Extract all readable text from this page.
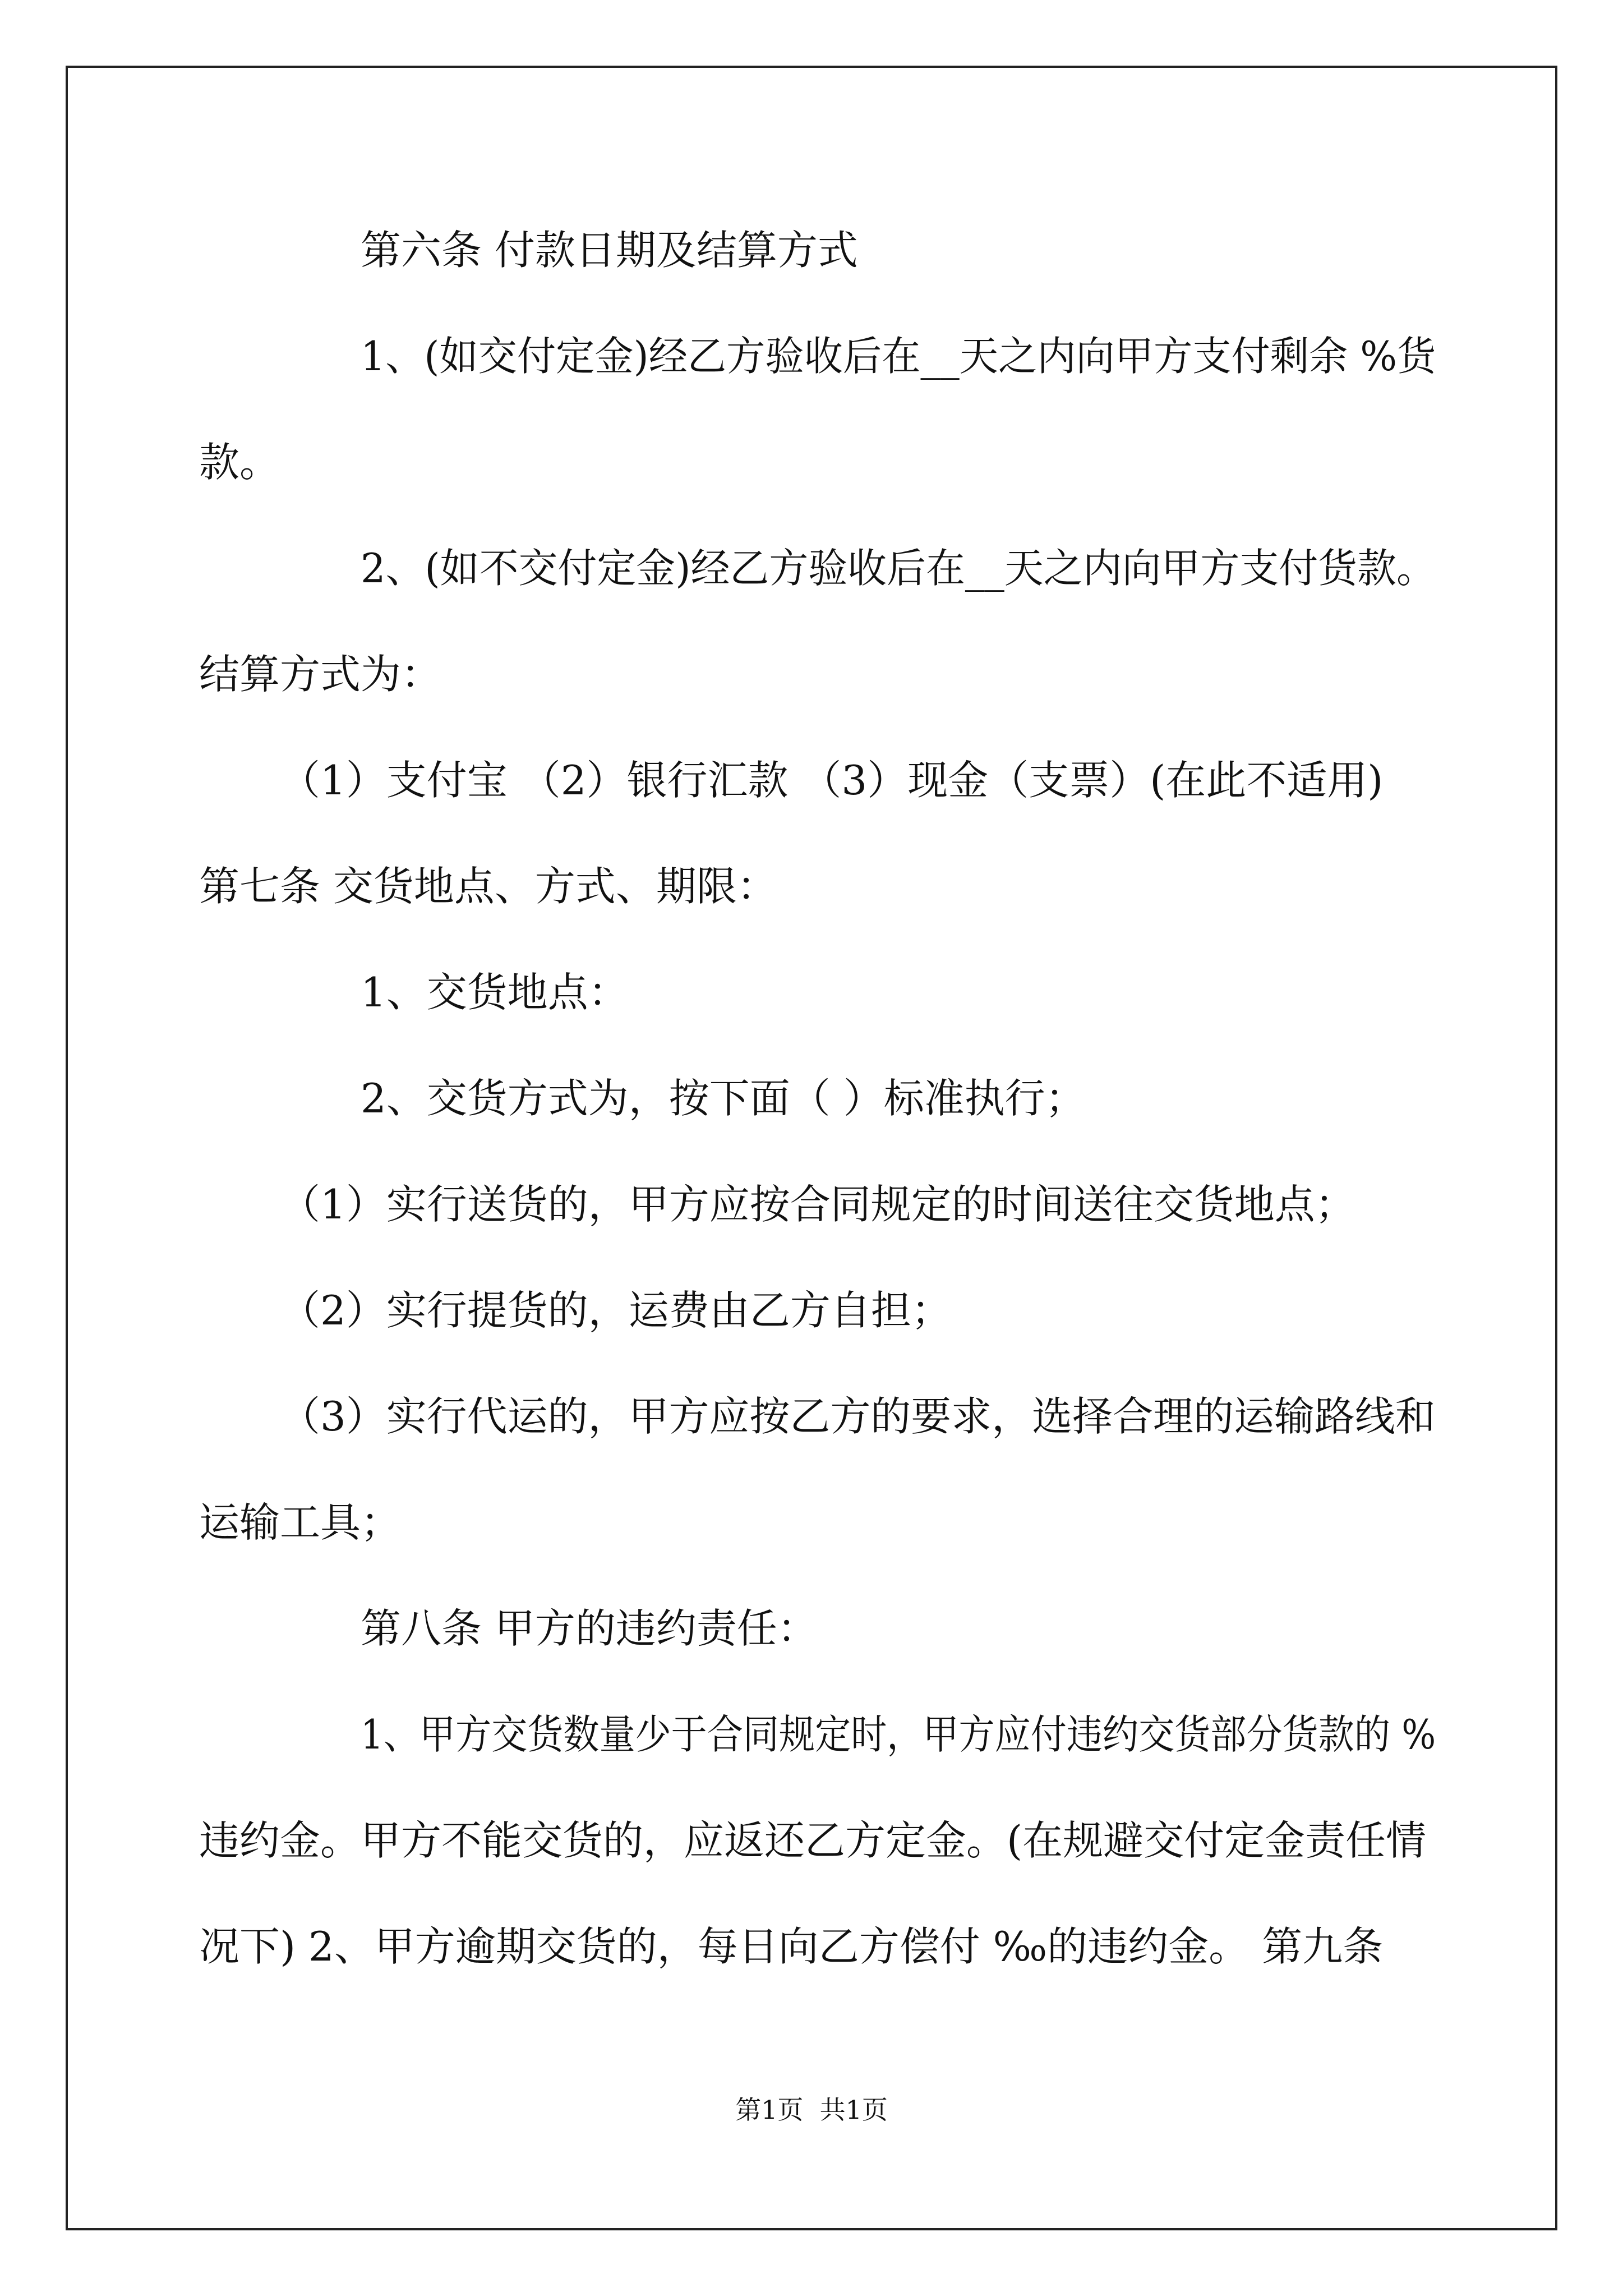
第六条 付款日期及结算方式
1、(如交付定金)经乙方验收后在__天之内向甲方支付剩余 %货
款。
2、(如不交付定金)经乙方验收后在__天之内向甲方支付货款。
结算方式为：
（1）支付宝 （2）银行汇款 （3）现金（支票）(在此不适用)
第七条 交货地点、方式、期限：
1、交货地点：
2、交货方式为，按下面（ ）标准执行；
（1）实行送货的，甲方应按合同规定的时间送往交货地点；
（2）实行提货的，运费由乙方自担；
（3）实行代运的，甲方应按乙方的要求，选择合理的运输路线和
运输工具；
第八条 甲方的违约责任：
1、甲方交货数量少于合同规定时，甲方应付违约交货部分货款的 %
违约金。甲方不能交货的，应返还乙方定金。(在规避交付定金责任情
况下) 2、甲方逾期交货的，每日向乙方偿付 ‰的违约金。 第九条
第1页  共1页
